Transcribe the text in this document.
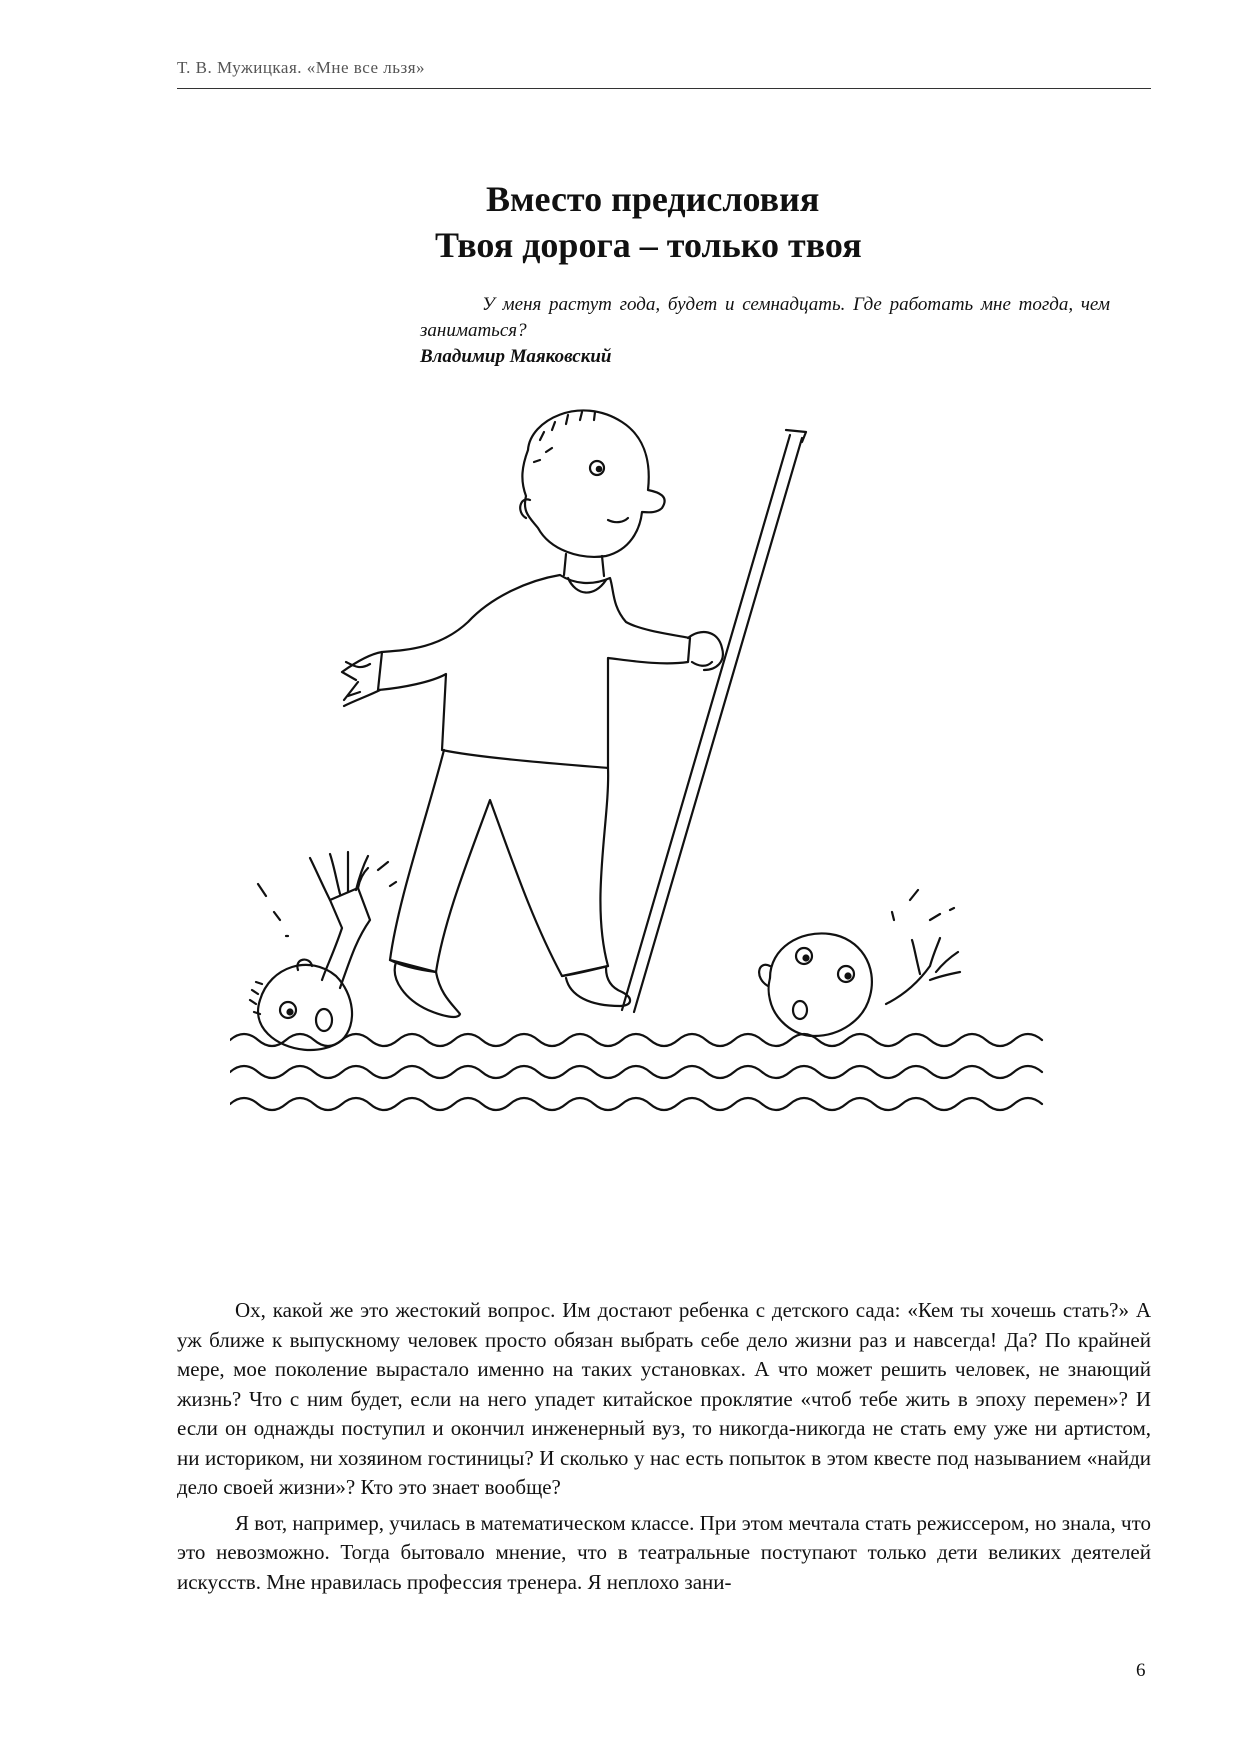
Т. В. Мужицкая. «Мне все льзя»
Вместо предисловия
Твоя дорога – только твоя
У меня растут года, будет и семнадцать. Где работать мне тогда, чем заниматься?
Владимир Маяковский

Ох, какой же это жестокий вопрос. Им достают ребенка с детского сада: «Кем ты хочешь стать?» А уж ближе к выпускному человек просто обязан выбрать себе дело жизни раз и навсегда! Да? По крайней мере, мое поколение вырастало именно на таких установках. А что может решить человек, не знающий жизнь? Что с ним будет, если на него упадет китайское проклятие «чтоб тебе жить в эпоху перемен»? И если он однажды поступил и окончил инженерный вуз, то никогда-никогда не стать ему уже ни артистом, ни историком, ни хозяином гостиницы? И сколько у нас есть попыток в этом квесте под называнием «найди дело своей жизни»? Кто это знает вообще?

Я вот, например, училась в математическом классе. При этом мечтала стать режиссером, но знала, что это невозможно. Тогда бытовало мнение, что в театральные поступают только дети великих деятелей искусств. Мне нравилась профессия тренера. Я неплохо зани-

6
